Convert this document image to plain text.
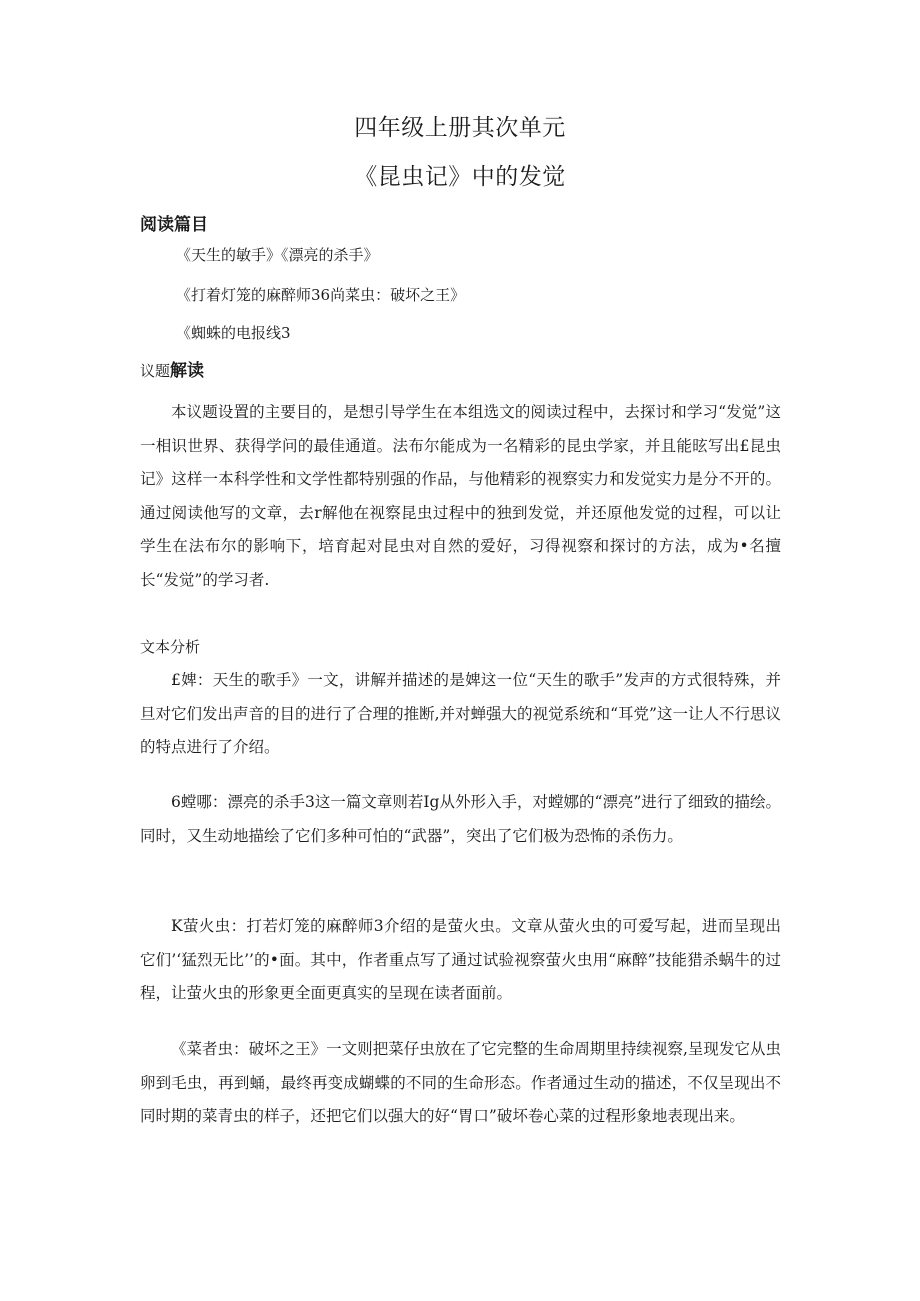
四年级上册其次单元
《昆虫记》中的发觉
阅读篇目
《天生的敏手》《漂亮的杀手》
《打着灯笼的麻醉师36尚菜虫：破坏之王》
《蜘蛛的电报线3
议题解读

本议题设置的主要目的，是想引导学生在本组选文的阅读过程中，去探讨和学习“发觉”这一相识世界、获得学问的最佳通道。法布尔能成为一名精彩的昆虫学家，并且能昡写出£昆虫记》这样一本科学性和文学性都特别强的作品，与他精彩的视察实力和发觉实力是分不开的。通过阅读他写的文章，去r解他在视察昆虫过程中的独到发觉，并还原他发觉的过程，可以让学生在法布尔的影响下，培育起对昆虫对自然的爱好，习得视察和探讨的方法，成为•名擅长“发觉”的学习者.

文本分析

£婢：天生的歌手》一文，讲解并描述的是婢这一位“天生的歌手”发声的方式很特殊，并旦对它们发出声音的目的进行了合理的推断,并对蝉强大的视觉系统和“耳党”这一让人不行思议的特点进行了介绍。

6螳哪：漂亮的杀手3这一篇文章则若Ig从外形入手，对螳娜的“漂亮”进行了细致的描绘。同时，又生动地描绘了它们多种可怕的“武器”，突出了它们极为恐怖的杀伤力。

K萤火虫：打若灯笼的麻醉师3介绍的是萤火虫。文章从萤火虫的可爱写起，进而呈现出它们’‘猛烈无比’’的•面。其中，作者重点写了通过试验视察萤火虫用“麻醉”技能猎杀蜗牛的过程，让萤火虫的形象更全面更真实的呈现在读者面前。

《菜者虫：破坏之王》一文则把菜仔虫放在了它完整的生命周期里持续视察,呈现发它从虫卵到毛虫，再到蛹，最终再变成蝴蝶的不同的生命形态。作者通过生动的描述，不仅呈现出不同时期的菜青虫的样子，还把它们以强大的好“胃口”破坏卷心菜的过程形象地表现出来。
